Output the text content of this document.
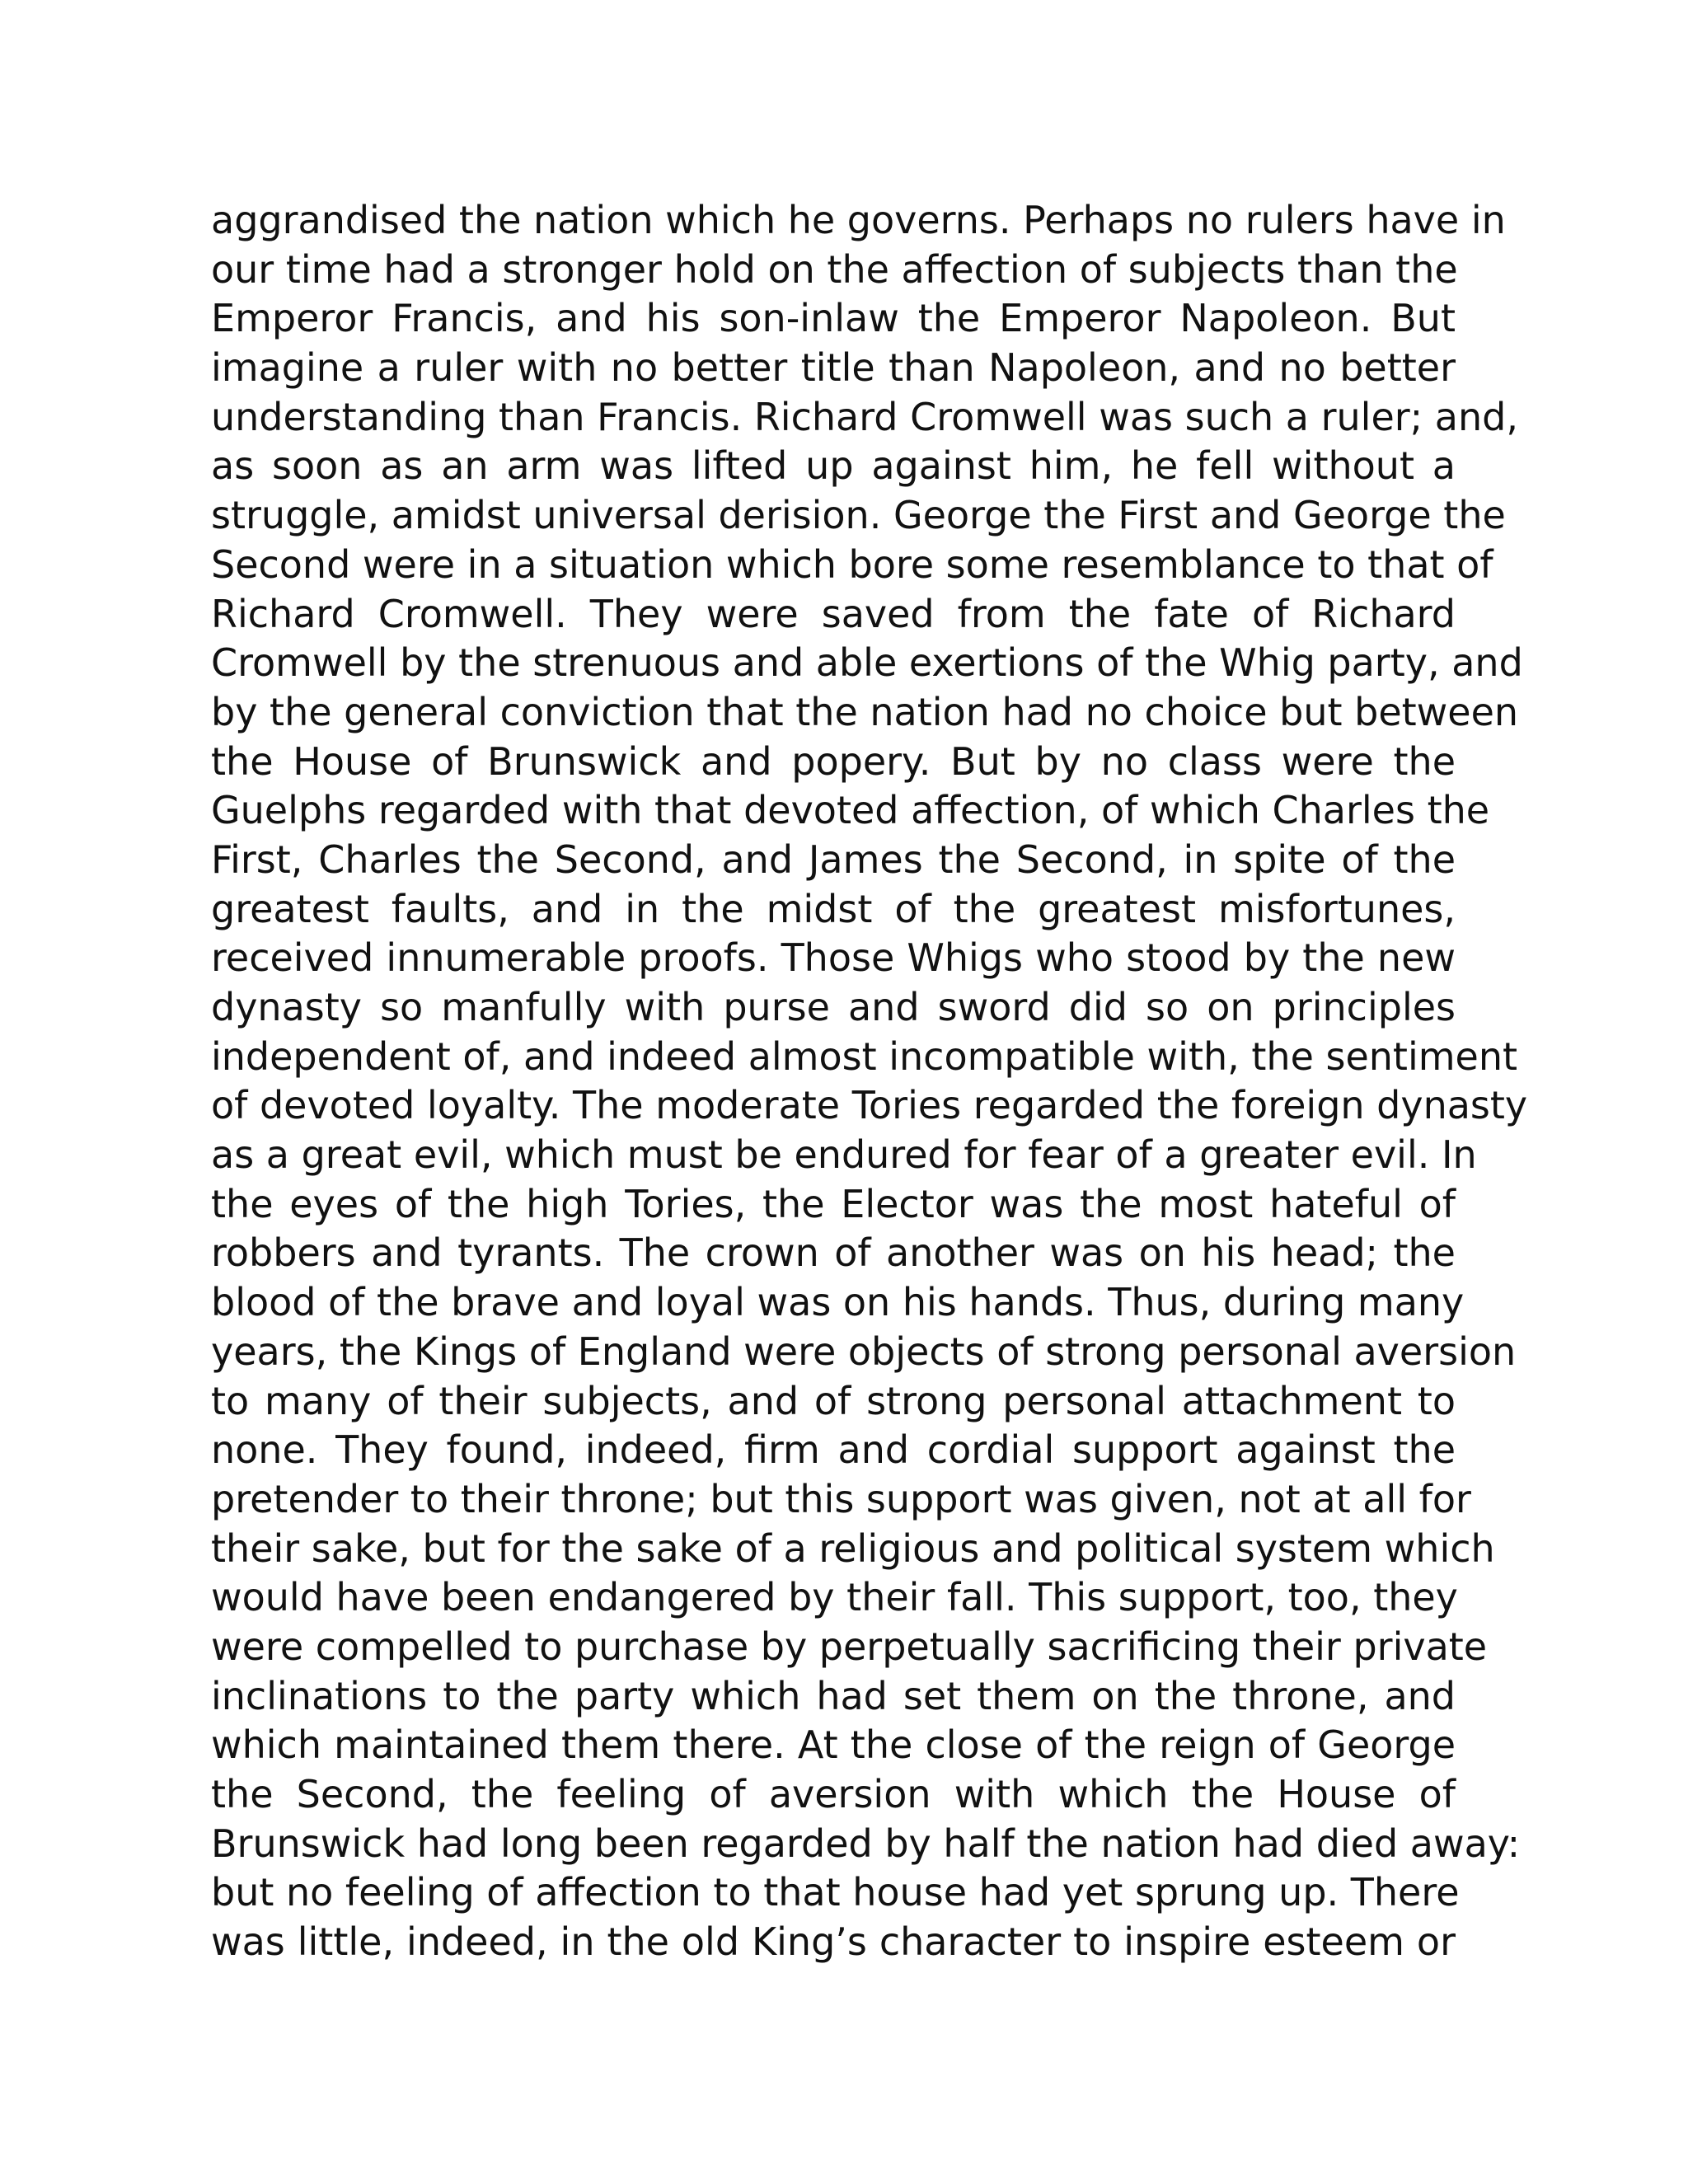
aggrandised the nation which he governs. Perhaps no rulers have in
our time had a stronger hold on the affection of subjects than the
Emperor Francis, and his son-inlaw the Emperor Napoleon. But
imagine a ruler with no better title than Napoleon, and no better
understanding than Francis. Richard Cromwell was such a ruler; and,
as soon as an arm was lifted up against him, he fell without a
struggle, amidst universal derision. George the First and George the
Second were in a situation which bore some resemblance to that of
Richard Cromwell. They were saved from the fate of Richard
Cromwell by the strenuous and able exertions of the Whig party, and
by the general conviction that the nation had no choice but between
the House of Brunswick and popery. But by no class were the
Guelphs regarded with that devoted affection, of which Charles the
First, Charles the Second, and James the Second, in spite of the
greatest faults, and in the midst of the greatest misfortunes,
received innumerable proofs. Those Whigs who stood by the new
dynasty so manfully with purse and sword did so on principles
independent of, and indeed almost incompatible with, the sentiment
of devoted loyalty. The moderate Tories regarded the foreign dynasty
as a great evil, which must be endured for fear of a greater evil. In
the eyes of the high Tories, the Elector was the most hateful of
robbers and tyrants. The crown of another was on his head; the
blood of the brave and loyal was on his hands. Thus, during many
years, the Kings of England were objects of strong personal aversion
to many of their subjects, and of strong personal attachment to
none. They found, indeed, firm and cordial support against the
pretender to their throne; but this support was given, not at all for
their sake, but for the sake of a religious and political system which
would have been endangered by their fall. This support, too, they
were compelled to purchase by perpetually sacrificing their private
inclinations to the party which had set them on the throne, and
which maintained them there. At the close of the reign of George
the Second, the feeling of aversion with which the House of
Brunswick had long been regarded by half the nation had died away:
but no feeling of affection to that house had yet sprung up. There
was little, indeed, in the old King’s character to inspire esteem or
